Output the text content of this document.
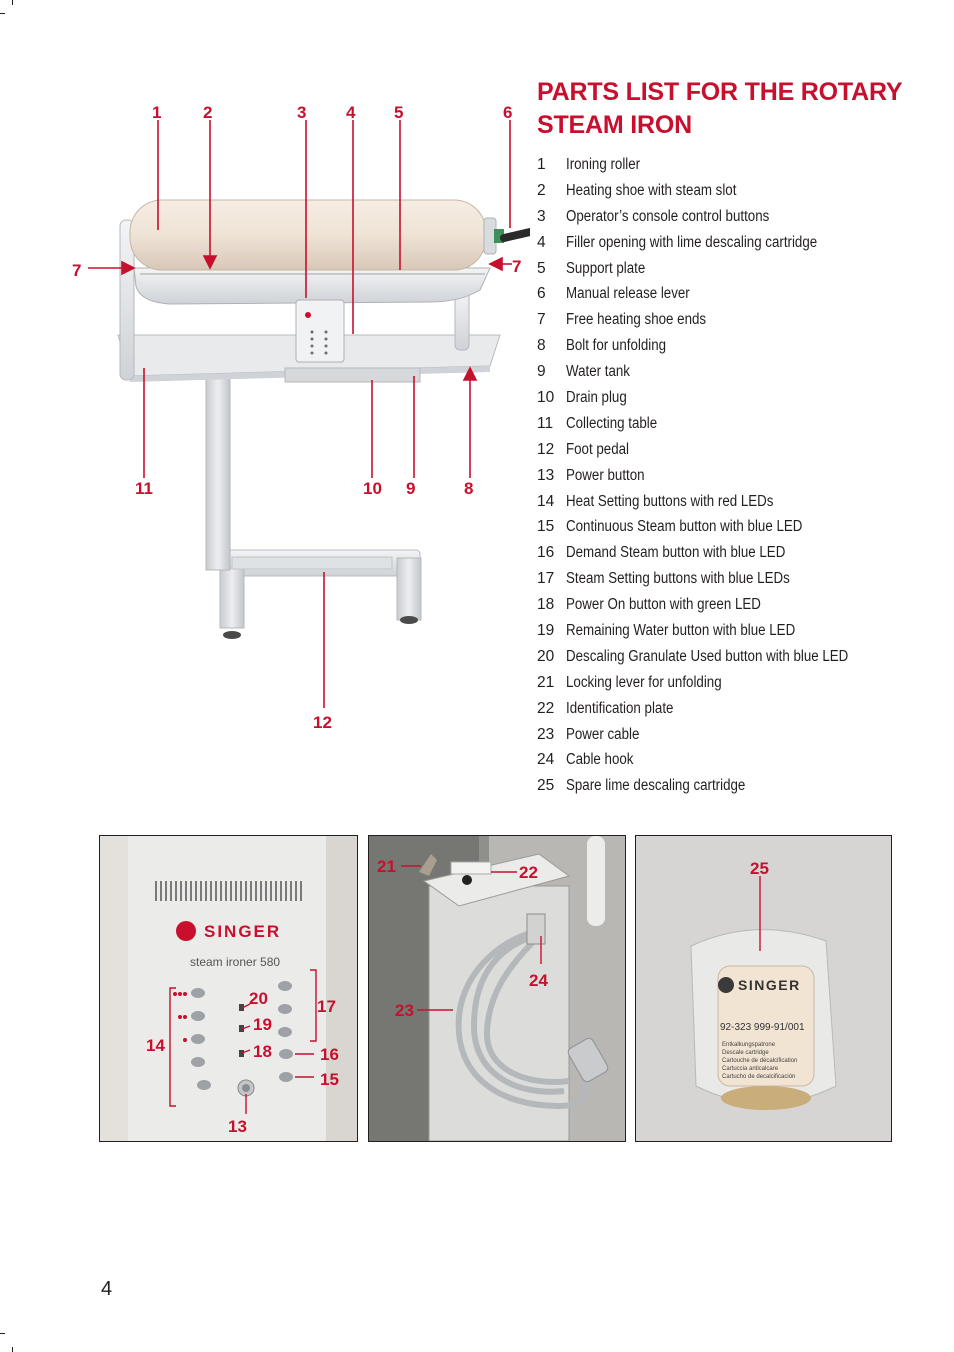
PARTS LIST FOR THE ROTARY STEAM IRON
1	Ironing roller
2	Heating shoe with steam slot
3	Operator’s console control buttons
4	Filler opening with lime descaling cartridge
5	Support plate
6	Manual release lever
7	Free heating shoe ends
8	Bolt for unfolding
9	Water tank
10 Drain plug
11 Collecting table
12 Foot pedal
13 Power button
14 Heat Setting buttons with red LEDs
15 Continuous Steam button with blue LED
16 Demand Steam button with blue LED
17 Steam Setting buttons with blue LEDs
18 Power On button with green LED
19 Remaining Water button with blue LED
20 Descaling Granulate Used button with blue LED
21 Locking lever for unfolding
22 Identiﬁcation plate
23 Power cable
24 Cable hook
25 Spare lime descaling cartridge
1 2	3 4 5	6
7	7
8
9
10
11
12
SINGER
steam ironer 580
13
14
15
16
17
18
19
20
21	22
23
24	SINGER
92-323 999-91/001
Entkalkungspatrone
Descale cartridge
Cartouche de décalcification
Cartuccia anticalcare
Cartucho de decalcificación
25
4
